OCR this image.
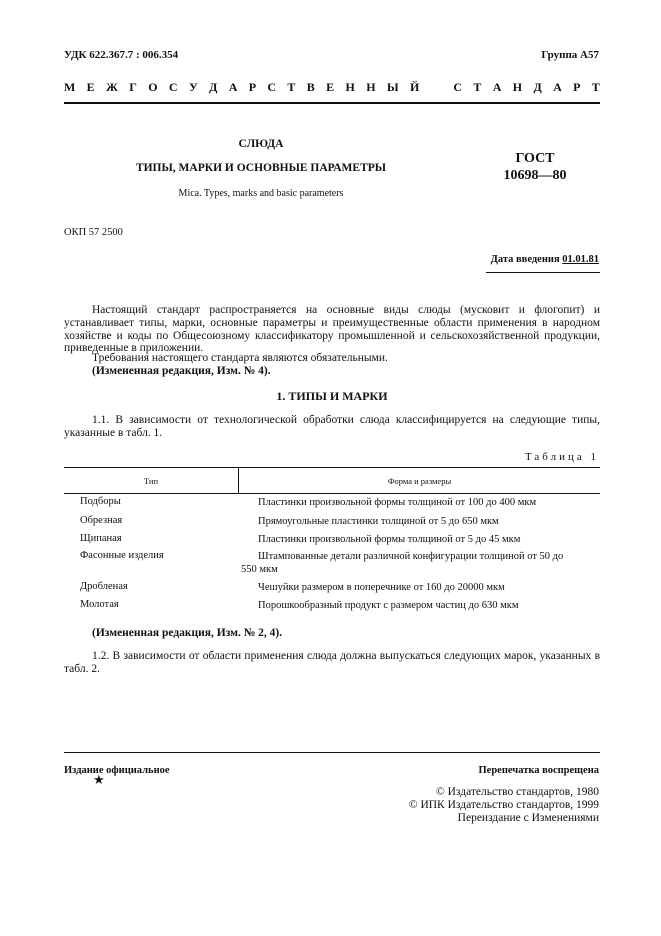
УДК 622.367.7 : 006.354	Группа А57
М Е Ж Г О С У Д А Р С Т В Е Н Н Ы Й	С Т А Н Д А Р Т
СЛЮДА
ТИПЫ, МАРКИ И ОСНОВНЫЕ ПАРАМЕТРЫ
Mica. Types, marks and basic parameters
ГОСТ
10698—80
ОКП 57 2500
Дата введения 01.01.81
Настоящий стандарт распространяется на основные виды слюды (мусковит и флогопит) и устанавливает типы, марки, основные параметры и преимущественные области применения в народном хозяйстве и коды по Общесоюзному классификатору промышленной и сельскохозяйственной продукции, приведенные в приложении.
Требования настоящего стандарта являются обязательными.
(Измененная редакция, Изм. № 4).
1. ТИПЫ И МАРКИ
1.1. В зависимости от технологической обработки слюда классифицируется на следующие типы, указанные в табл. 1.
Таблица 1
Тип	Форма и размеры
Подборы	Пластинки произвольной формы толщиной от 100 до 400 мкм
Обрезная	Прямоугольные пластинки толщиной от 5 до 650 мкм
Щипаная	Пластинки произвольной формы толщиной от 5 до 45 мкм
Фасонные изделия	Штампованные детали различной конфигурации толщиной от 50 до
550 мкм
Дробленая	Чешуйки размером в поперечнике от 160 до 20000 мкм
Молотая	Порошкообразный продукт с размером частиц до 630 мкм
(Измененная редакция, Изм. № 2, 4).
1.2. В зависимости от области применения слюда должна выпускаться следующих марок, указанных в табл. 2.
Издание официальное
★
Перепечатка воспрещена
© Издательство стандартов, 1980
© ИПК Издательство стандартов, 1999
Переиздание с Изменениями
